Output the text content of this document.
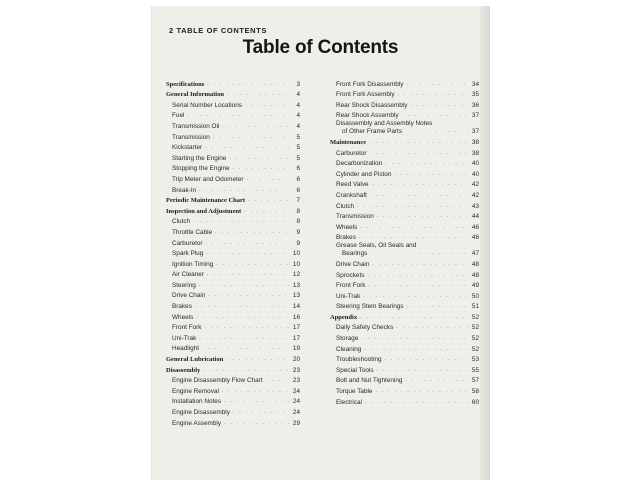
2 TABLE OF CONTENTS
Table of Contents
Specifications . . .	3
General Information . . .	4
Serial Number Locations . . .	4
Fuel . . .	4
Transmission Oil . . .	4
Transmission . . .	5
Kickstarter . . .	5
Starting the Engine . . .	5
Stopping the Engine . . .	6
Trip Meter and Odometer . . .	6
Break-In . . .	6
Periodic Maintenance Chart . . .	7
Inspection and Adjustment . . .	8
Clutch . . .	8
Throttle Cable . . .	9
Carburetor . . .	9
Spark Plug . . .	10
Ignition Timing . . .	10
Air Cleaner . . .	12
Steering . . .	13
Drive Chain . . .	13
Brakes . . .	14
Wheels . . .	16
Front Fork . . .	17
Uni-Trak . . .	17
Headlight . . .	19
General Lubrication . . .	20
Disassembly . . .	23
Engine Disassembly Flow Chart . . .	23
Engine Removal . . .	24
Installation Notes . . .	24
Engine Disassembly . . .	24
Engine Assembly . . .	29
Front Fork Disassembly . . .	34
Front Fork Assembly . . .	35
Rear Shock Disassembly . . .	36
Rear Shock Assembly . . .	37
Disassembly and Assembly Notes
of Other Frame Parts . . .	37
Maintenance . . .	38
Carburetor . . .	38
Decarbonization . . .	40
Cylinder and Piston . . .	40
Reed Valve . . .	42
Crankshaft . . .	42
Clutch . . .	43
Transmission . . .	44
Wheels . . .	46
Brakes . . .	46
Grease Seals, Oil Seals and
Bearings . . .	47
Drive Chain . . .	48
Sprockets . . .	48
Front Fork . . .	49
Uni-Trak . . .	50
Steering Stem Bearings . . .	51
Appendix . . .	52
Daily Safety Checks . . .	52
Storage . . .	52
Cleaning . . .	52
Troubleshooting . . .	53
Special Tools . . .	55
Bolt and Nut Tightening . . .	57
Torque Table . . .	58
Electrical . . .	60
